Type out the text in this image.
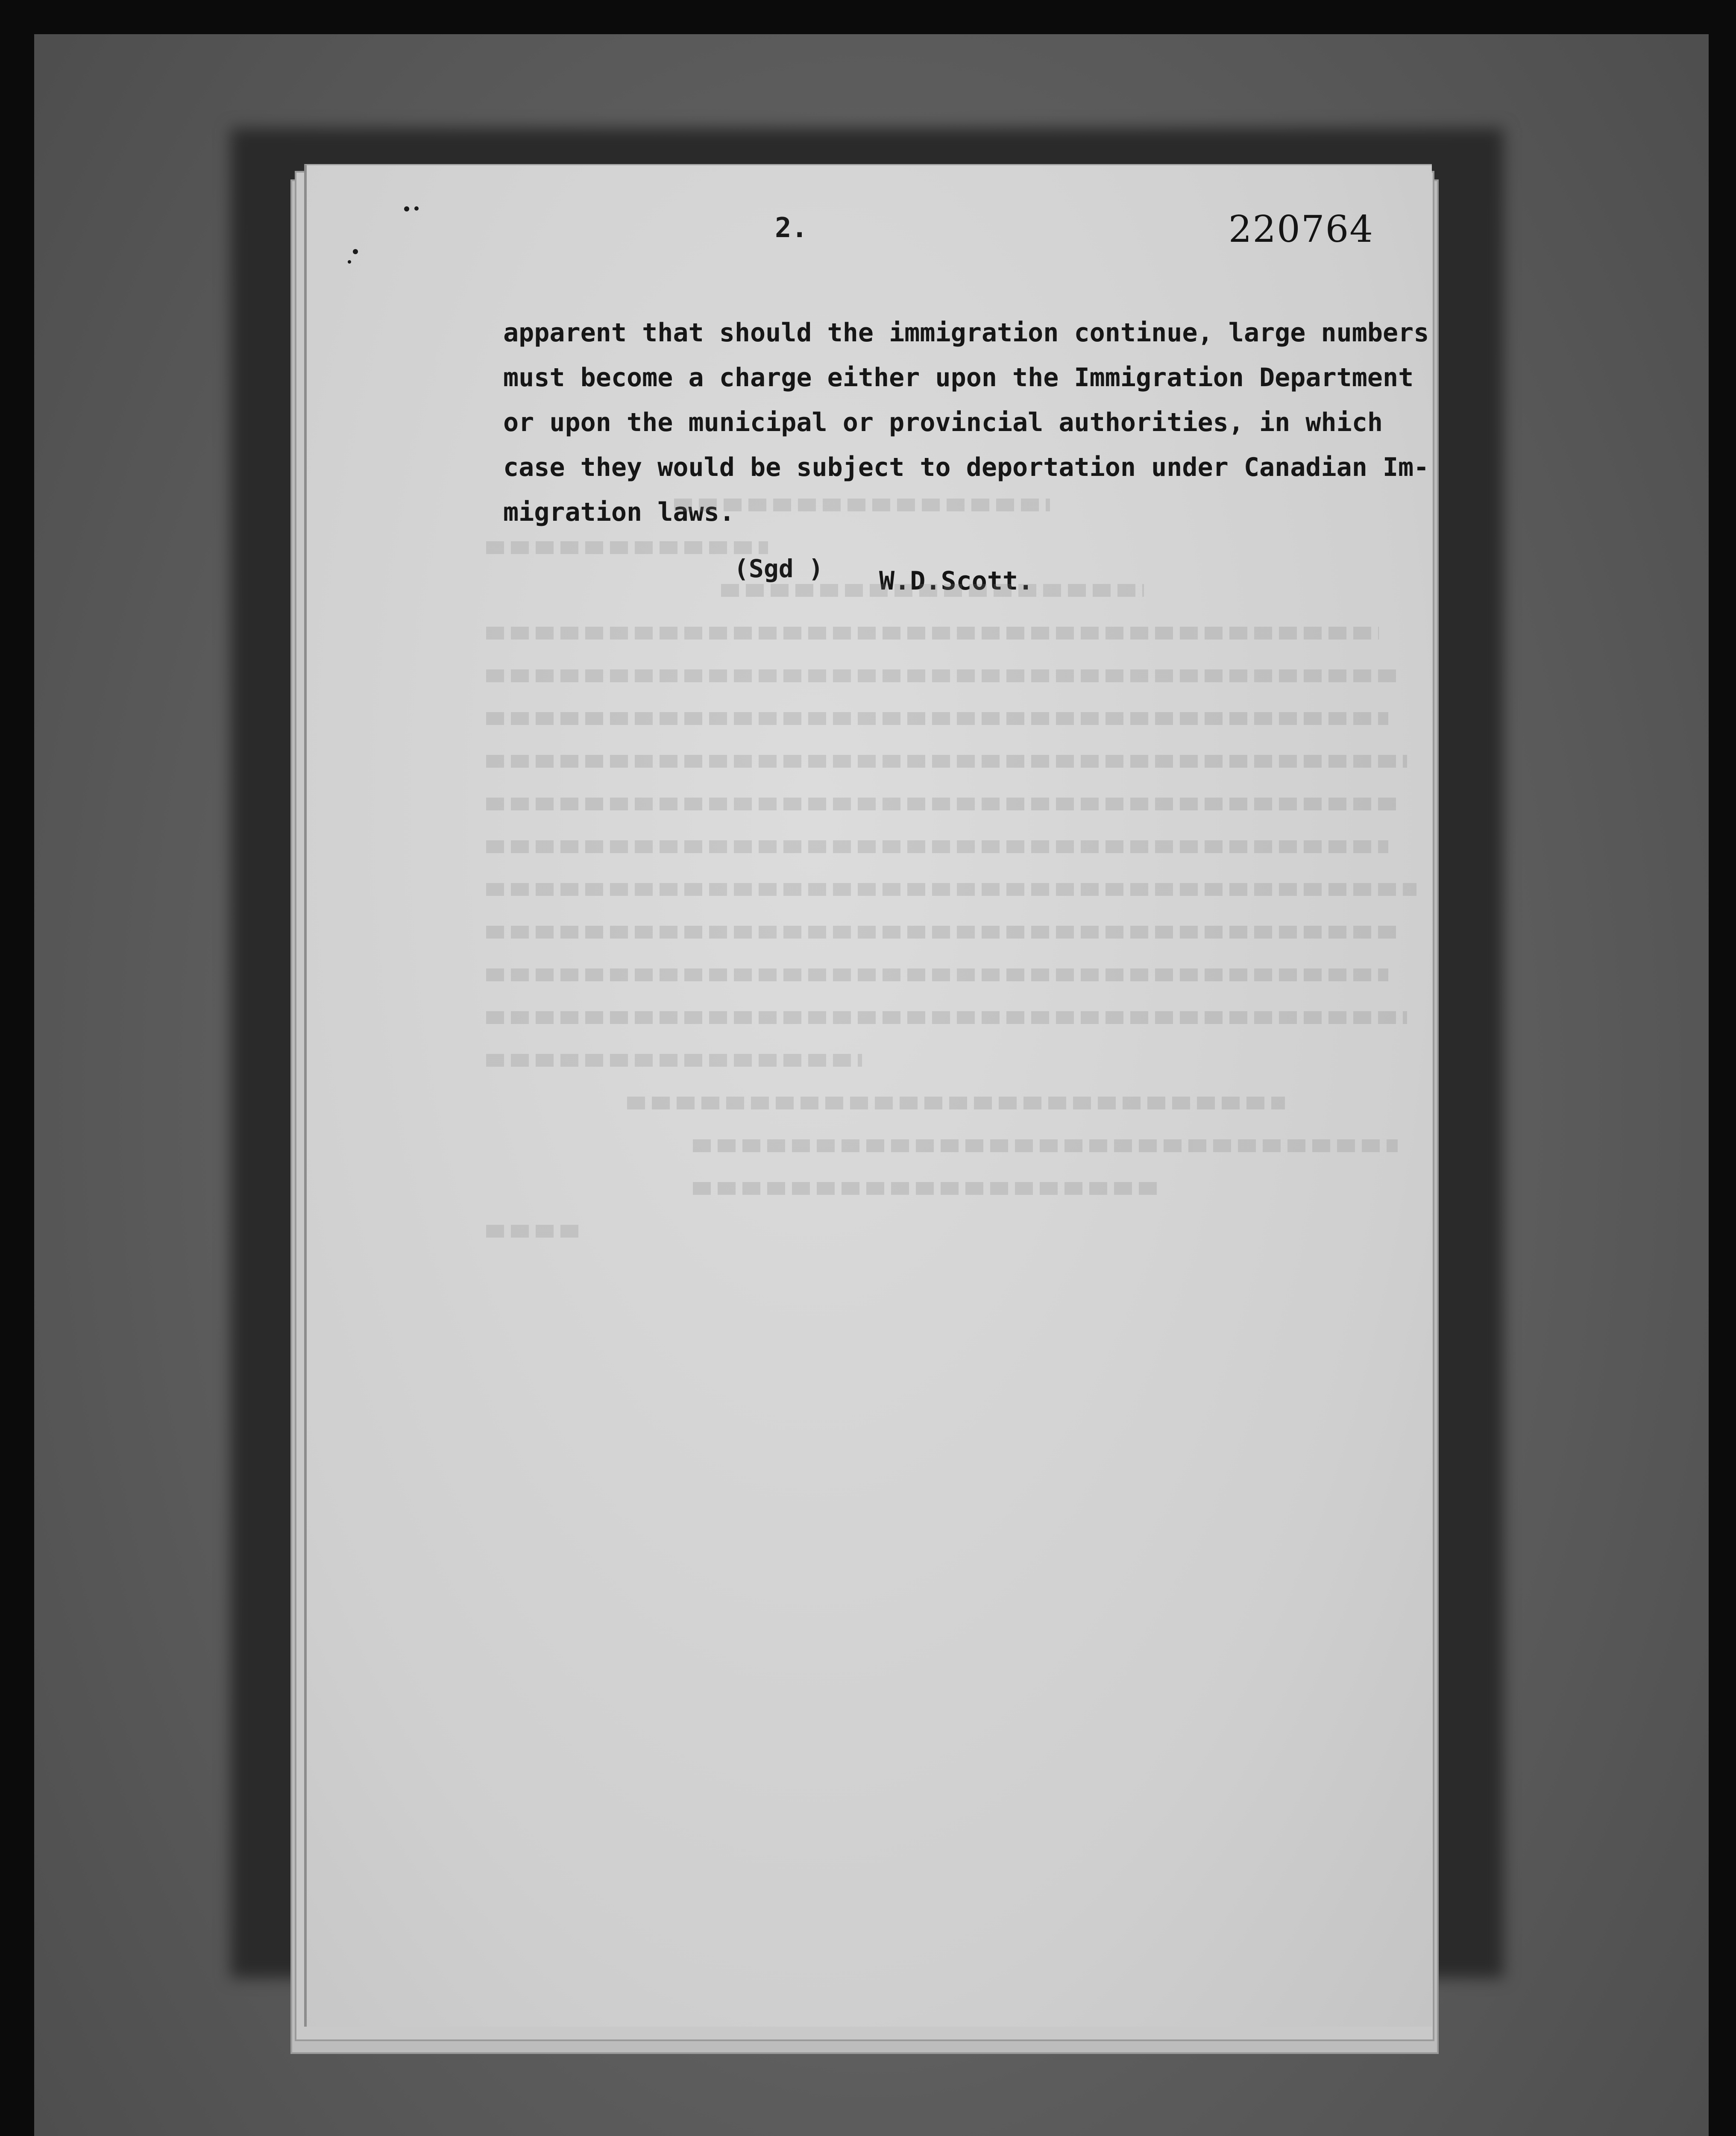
2.	220764
apparent that should the immigration continue, large numbers
must become a charge either upon the Immigration Department
or upon the municipal or provincial authorities, in which
case they would be subject to deportation under Canadian Im-
migration laws.
(Sgd ) W.D.Scott.
